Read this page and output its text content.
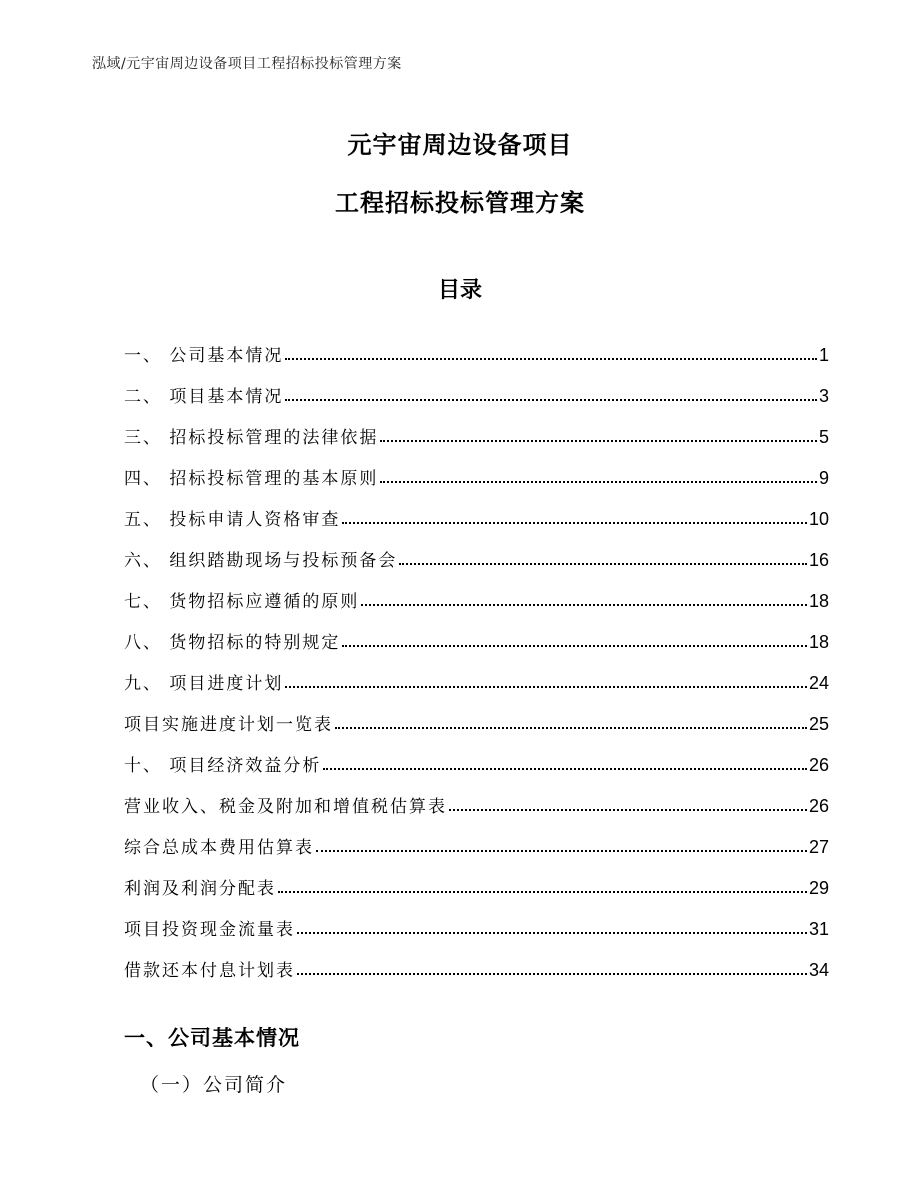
泓域/元宇宙周边设备项目工程招标投标管理方案
元宇宙周边设备项目
工程招标投标管理方案
目录
一、 公司基本情况	1
二、 项目基本情况	3
三、 招标投标管理的法律依据	5
四、 招标投标管理的基本原则	9
五、 投标申请人资格审查	10
六、 组织踏勘现场与投标预备会	16
七、 货物招标应遵循的原则	18
八、 货物招标的特别规定	18
九、 项目进度计划	24
项目实施进度计划一览表	25
十、 项目经济效益分析	26
营业收入、税金及附加和增值税估算表	26
综合总成本费用估算表	27
利润及利润分配表	29
项目投资现金流量表	31
借款还本付息计划表	34
一、公司基本情况
（一）公司简介
